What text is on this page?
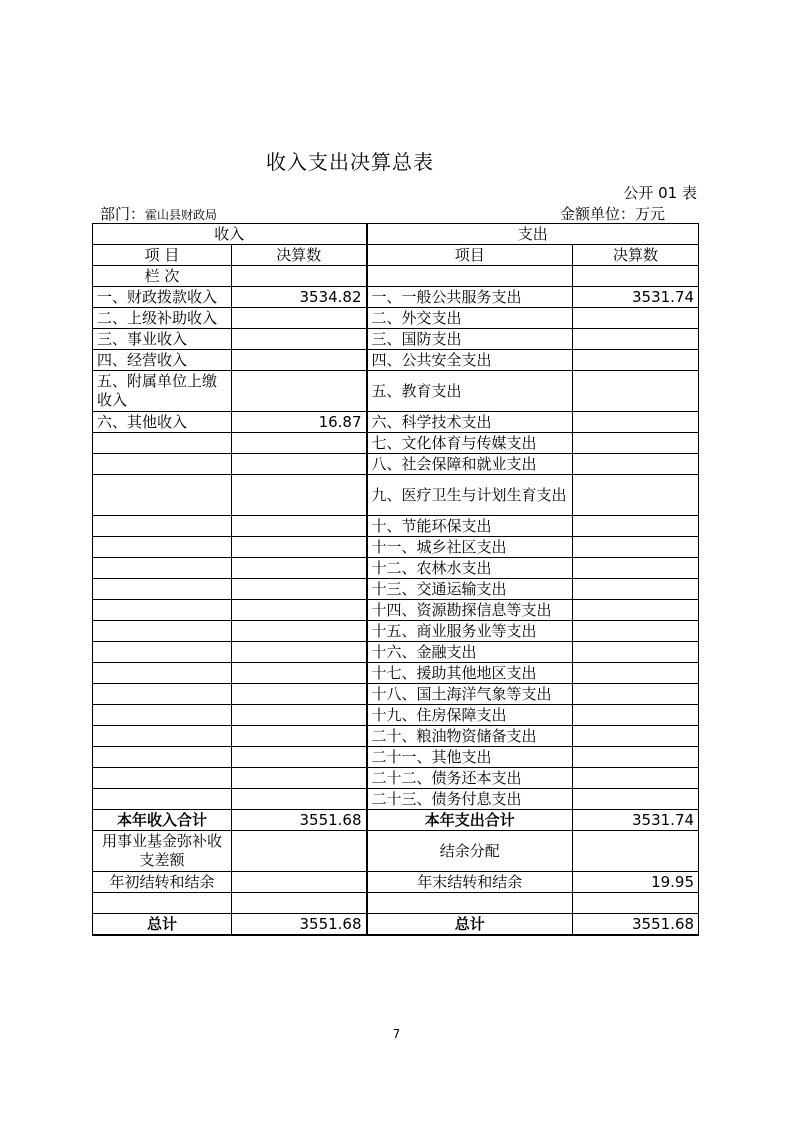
收入支出决算总表
公开 01 表
部门：霍山县财政局	金额单位：万元
收入		支出	
项 目	决算数	项目	决算数
栏 次			
一、财政拨款收入	3534.82	一、一般公共服务支出	3531.74
二、上级补助收入		二、外交支出	
三、事业收入		三、国防支出	
四、经营收入		四、公共安全支出	
五、附属单位上缴收入		五、教育支出	
六、其他收入	16.87	六、科学技术支出	
		七、文化体育与传媒支出	
		八、社会保障和就业支出	
		九、医疗卫生与计划生育支出	
		十、节能环保支出	
		十一、城乡社区支出	
		十二、农林水支出	
		十三、交通运输支出	
		十四、资源勘探信息等支出	
		十五、商业服务业等支出	
		十六、金融支出	
		十七、援助其他地区支出	
		十八、国土海洋气象等支出	
		十九、住房保障支出	
		二十、粮油物资储备支出	
		二十一、其他支出	
		二十二、债务还本支出	
		二十三、债务付息支出	
本年收入合计	3551.68	本年支出合计	3531.74
用事业基金弥补收支差额		结余分配	
年初结转和结余		年末结转和结余	19.95

总计	3551.68	总计	3551.68
7
